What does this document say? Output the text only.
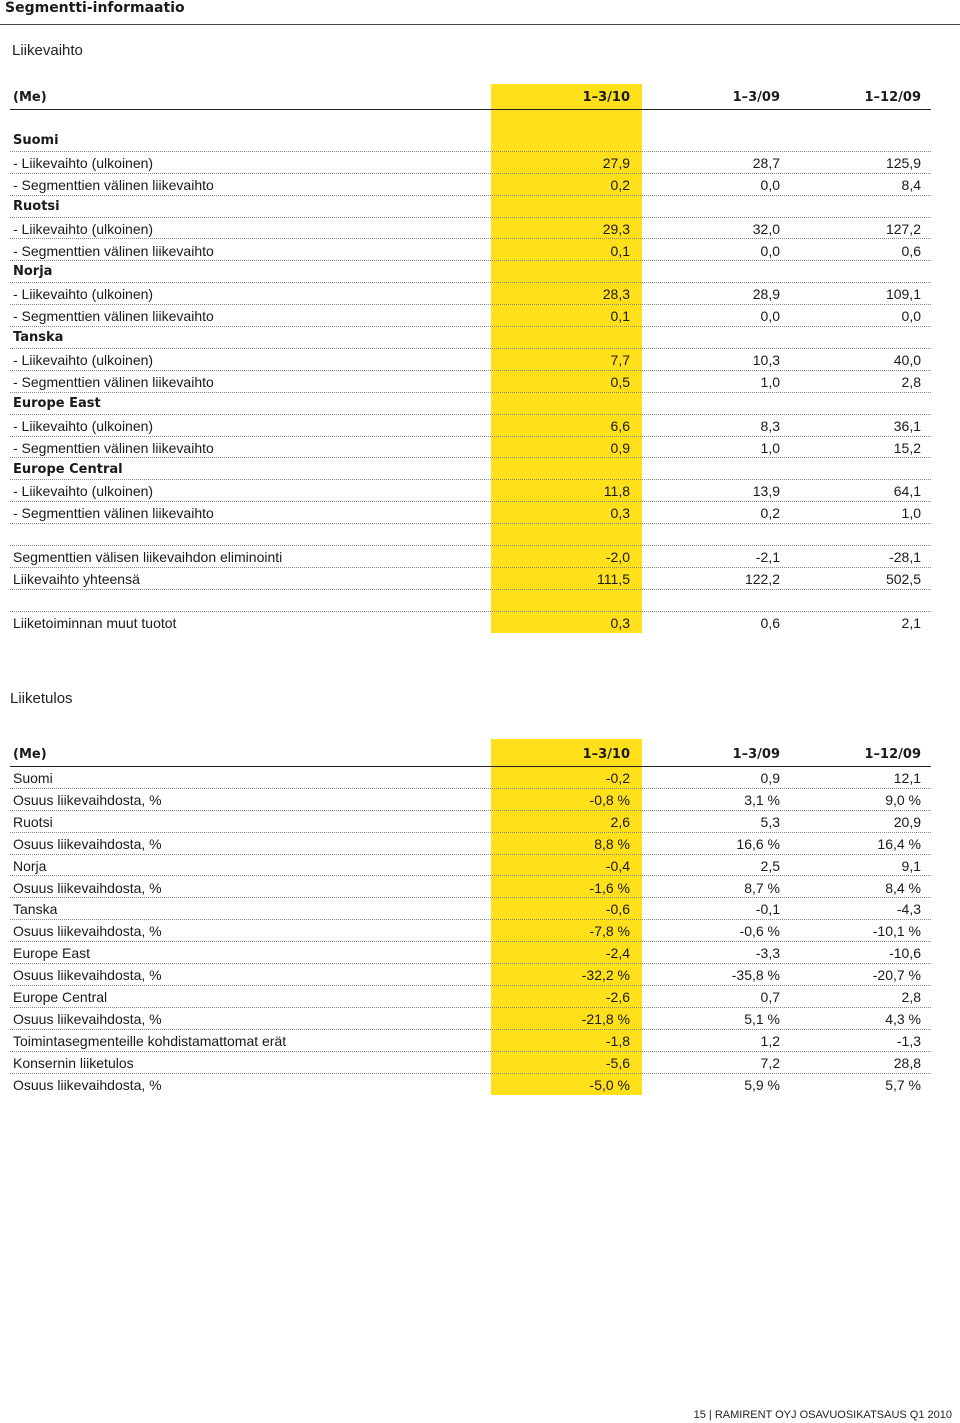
Segmentti-informaatio
Liikevaihto
(Me)	1–3/10	1–3/09	1–12/09
Suomi
- Liikevaihto (ulkoinen)	27,9	28,7	125,9
- Segmenttien välinen liikevaihto	0,2	0,0	8,4
Ruotsi
- Liikevaihto (ulkoinen)	29,3	32,0	127,2
- Segmenttien välinen liikevaihto	0,1	0,0	0,6
Norja
- Liikevaihto (ulkoinen)	28,3	28,9	109,1
- Segmenttien välinen liikevaihto	0,1	0,0	0,0
Tanska
- Liikevaihto (ulkoinen)	7,7	10,3	40,0
- Segmenttien välinen liikevaihto	0,5	1,0	2,8
Europe East
- Liikevaihto (ulkoinen)	6,6	8,3	36,1
- Segmenttien välinen liikevaihto	0,9	1,0	15,2
Europe Central
- Liikevaihto (ulkoinen)	11,8	13,9	64,1
- Segmenttien välinen liikevaihto	0,3	0,2	1,0
Segmenttien välisen liikevaihdon eliminointi	-2,0	-2,1	-28,1
Liikevaihto yhteensä	111,5	122,2	502,5
Liiketoiminnan muut tuotot	0,3	0,6	2,1
Liiketulos
(Me)	1–3/10	1–3/09	1–12/09
Suomi	-0,2	0,9	12,1
Osuus liikevaihdosta, %	-0,8 %	3,1 %	9,0 %
Ruotsi	2,6	5,3	20,9
Osuus liikevaihdosta, %	8,8 %	16,6 %	16,4 %
Norja	-0,4	2,5	9,1
Osuus liikevaihdosta, %	-1,6 %	8,7 %	8,4 %
Tanska	-0,6	-0,1	-4,3
Osuus liikevaihdosta, %	-7,8 %	-0,6 %	-10,1 %
Europe East	-2,4	-3,3	-10,6
Osuus liikevaihdosta, %	-32,2 %	-35,8 %	-20,7 %
Europe Central	-2,6	0,7	2,8
Osuus liikevaihdosta, %	-21,8 %	5,1 %	4,3 %
Toimintasegmenteille kohdistamattomat erät	-1,8	1,2	-1,3
Konsernin liiketulos	-5,6	7,2	28,8
Osuus liikevaihdosta, %	-5,0 %	5,9 %	5,7 %
15 | RAMIRENT OYJ OSAVUOSIKATSAUS Q1 2010
